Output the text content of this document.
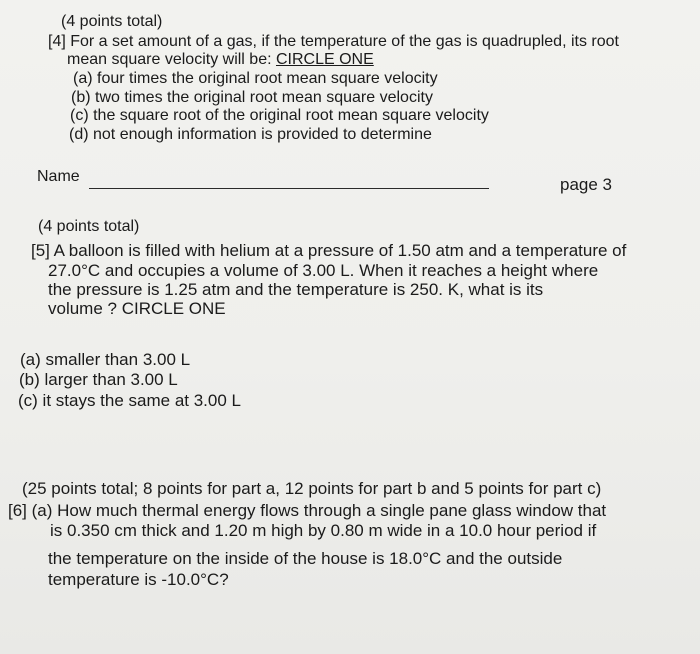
(4 points total)
[4] For a set amount of a gas, if the temperature of the gas is quadrupled, its root
mean square velocity will be: CIRCLE ONE
(a) four times the original root mean square velocity
(b) two times the original root mean square velocity
(c) the square root of the original root mean square velocity
(d) not enough information is provided to determine
Name	page 3
(4 points total)
[5] A balloon is filled with helium at a pressure of 1.50 atm and a temperature of
27.0°C and occupies a volume of 3.00 L. When it reaches a height where
the pressure is 1.25 atm and the temperature is 250. K, what is its
volume ? CIRCLE ONE
(a) smaller than 3.00 L
(b) larger than 3.00 L
(c) it stays the same at 3.00 L
(25 points total; 8 points for part a, 12 points for part b and 5 points for part c)
[6] (a) How much thermal energy flows through a single pane glass window that
is 0.350 cm thick and 1.20 m high by 0.80 m wide in a 10.0 hour period if
the temperature on the inside of the house is 18.0°C and the outside
temperature is -10.0°C?
